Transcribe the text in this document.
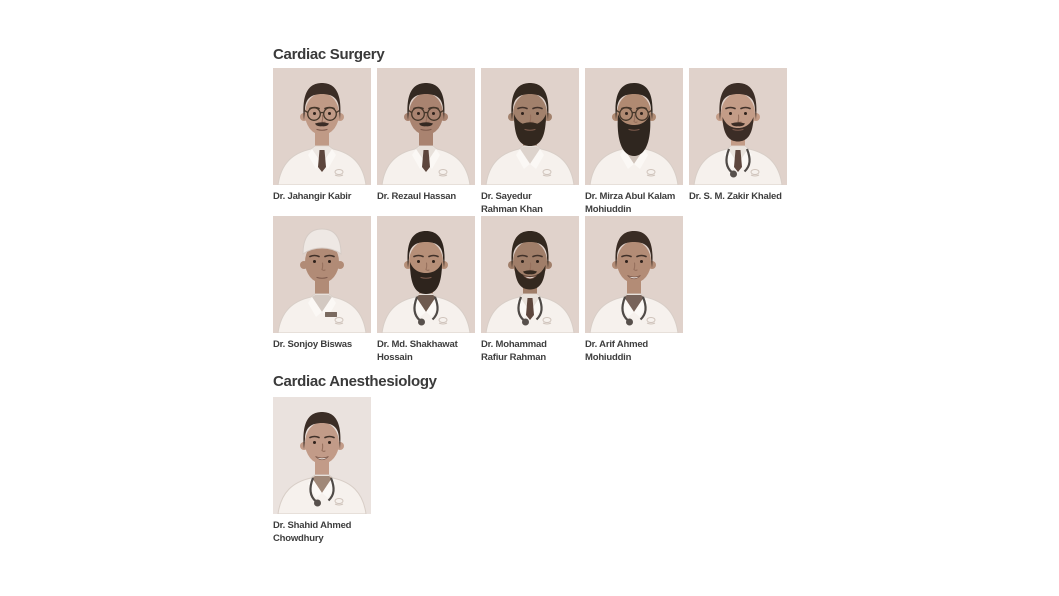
Cardiac Surgery
Dr. Jahangir Kabir	Dr. Rezaul Hassan	Dr. Sayedur
Rahman Khan
Dr. Mirza Abul Kalam
Mohiuddin
Dr. S. M. Zakir Khaled
Dr. Sonjoy Biswas	Dr. Md. Shakhawat
Hossain
Dr. Mohammad
Rafiur Rahman
Dr. Arif Ahmed
Mohiuddin
Cardiac Anesthesiology
Dr. Shahid Ahmed
Chowdhury
